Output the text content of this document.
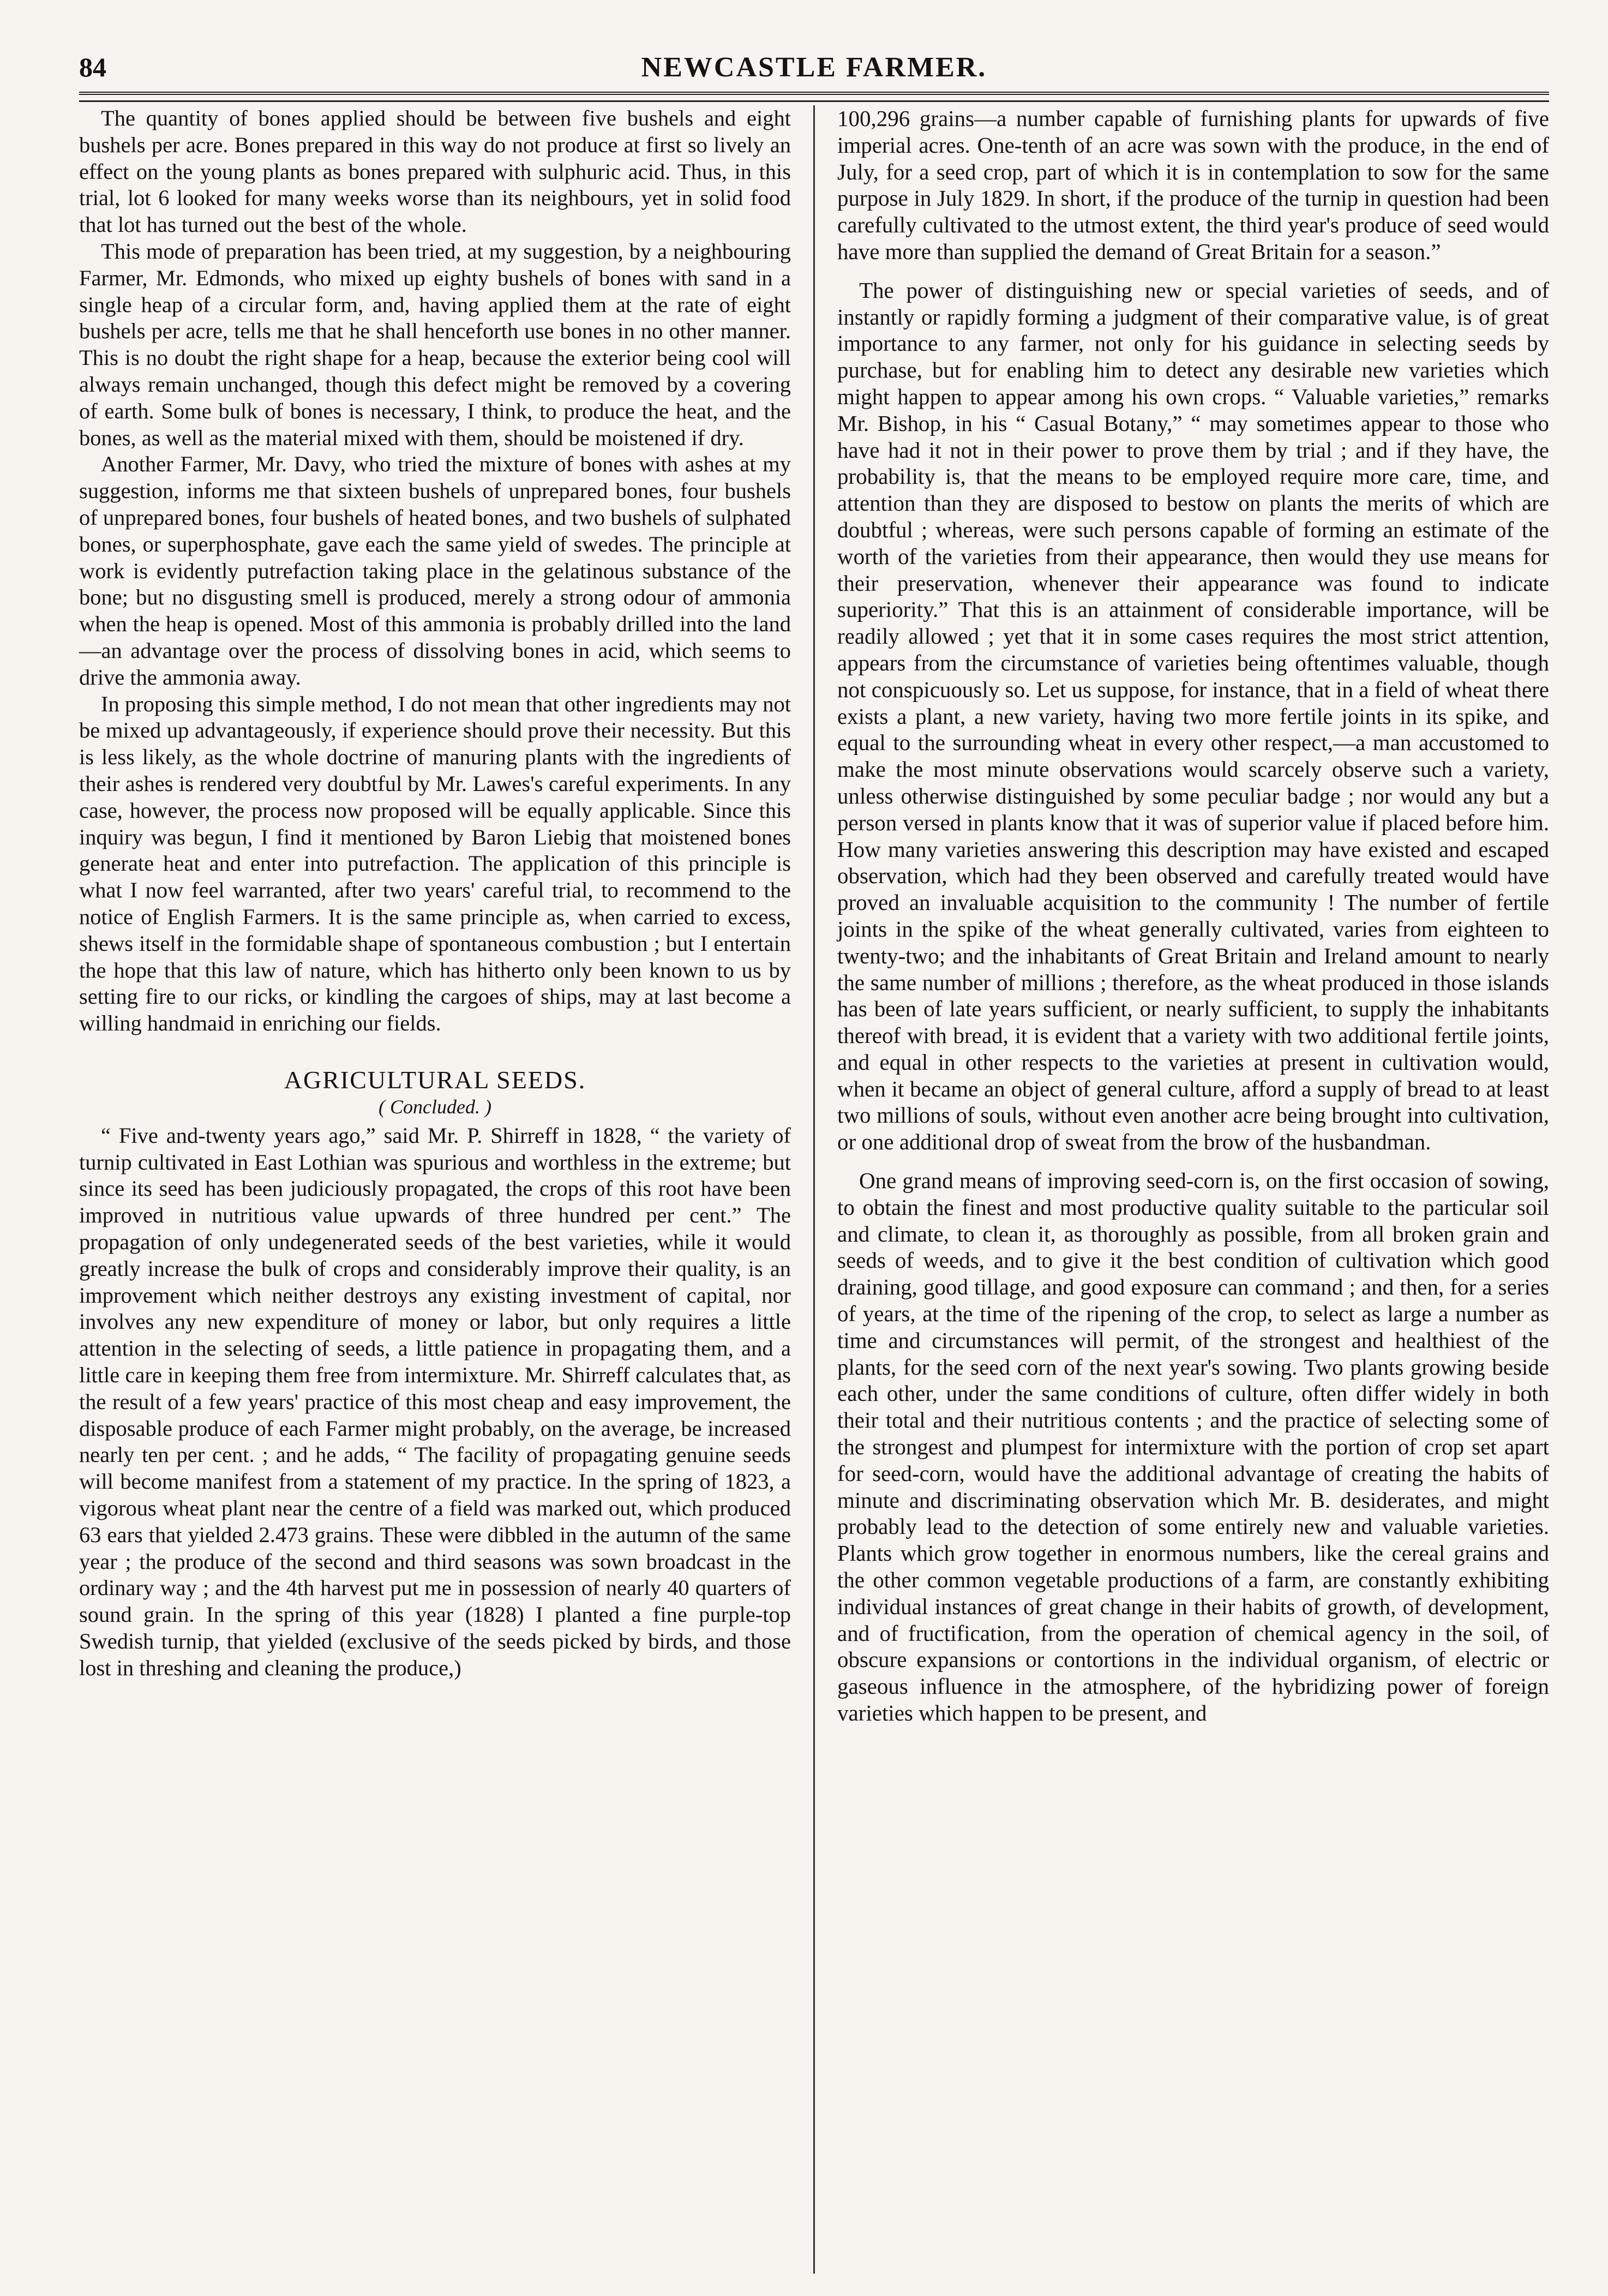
84	NEWCASTLE FARMER.

The quantity of bones applied should be between five bushels and eight bushels per acre. Bones prepared in this way do not produce at first so lively an effect on the young plants as bones prepared with sulphuric acid. Thus, in this trial, lot 6 looked for many weeks worse than its neighbours, yet in solid food that lot has turned out the best of the whole.

This mode of preparation has been tried, at my suggestion, by a neighbouring Farmer, Mr. Edmonds, who mixed up eighty bushels of bones with sand in a single heap of a circular form, and, having applied them at the rate of eight bushels per acre, tells me that he shall henceforth use bones in no other manner. This is no doubt the right shape for a heap, because the exterior being cool will always remain unchanged, though this defect might be removed by a covering of earth. Some bulk of bones is necessary, I think, to produce the heat, and the bones, as well as the material mixed with them, should be moistened if dry.

Another Farmer, Mr. Davy, who tried the mixture of bones with ashes at my suggestion, informs me that sixteen bushels of unprepared bones, four bushels of unprepared bones, four bushels of heated bones, and two bushels of sulphated bones, or superphosphate, gave each the same yield of swedes. The principle at work is evidently putrefaction taking place in the gelatinous substance of the bone; but no disgusting smell is produced, merely a strong odour of ammonia when the heap is opened. Most of this ammonia is probably drilled into the land—an advantage over the process of dissolving bones in acid, which seems to drive the ammonia away.

In proposing this simple method, I do not mean that other ingredients may not be mixed up advantageously, if experience should prove their necessity. But this is less likely, as the whole doctrine of manuring plants with the ingredients of their ashes is rendered very doubtful by Mr. Lawes's careful experiments. In any case, however, the process now proposed will be equally applicable. Since this inquiry was begun, I find it mentioned by Baron Liebig that moistened bones generate heat and enter into putrefaction. The application of this principle is what I now feel warranted, after two years' careful trial, to recommend to the notice of English Farmers. It is the same principle as, when carried to excess, shews itself in the formidable shape of spontaneous combustion ; but I entertain the hope that this law of nature, which has hitherto only been known to us by setting fire to our ricks, or kindling the cargoes of ships, may at last become a willing handmaid in enriching our fields.

AGRICULTURAL SEEDS.
( Concluded. )

“ Five and-twenty years ago,” said Mr. P. Shirreff in 1828, “ the variety of turnip cultivated in East Lothian was spurious and worthless in the extreme; but since its seed has been judiciously propagated, the crops of this root have been improved in nutritious value upwards of three hundred per cent.” The propagation of only undegenerated seeds of the best varieties, while it would greatly increase the bulk of crops and considerably improve their quality, is an improvement which neither destroys any existing investment of capital, nor involves any new expenditure of money or labor, but only requires a little attention in the selecting of seeds, a little patience in propagating them, and a little care in keeping them free from intermixture. Mr. Shirreff calculates that, as the result of a few years' practice of this most cheap and easy improvement, the disposable produce of each Farmer might probably, on the average, be increased nearly ten per cent. ; and he adds, “ The facility of propagating genuine seeds will become manifest from a statement of my practice. In the spring of 1823, a vigorous wheat plant near the centre of a field was marked out, which produced 63 ears that yielded 2.473 grains. These were dibbled in the autumn of the same year ; the produce of the second and third seasons was sown broadcast in the ordinary way ; and the 4th harvest put me in possession of nearly 40 quarters of sound grain. In the spring of this year (1828) I planted a fine purple-top Swedish turnip, that yielded (exclusive of the seeds picked by birds, and those lost in threshing and cleaning the produce,)

100,296 grains—a number capable of furnishing plants for upwards of five imperial acres. One-tenth of an acre was sown with the produce, in the end of July, for a seed crop, part of which it is in contemplation to sow for the same purpose in July 1829. In short, if the produce of the turnip in question had been carefully cultivated to the utmost extent, the third year's produce of seed would have more than supplied the demand of Great Britain for a season.”

The power of distinguishing new or special varieties of seeds, and of instantly or rapidly forming a judgment of their comparative value, is of great importance to any farmer, not only for his guidance in selecting seeds by purchase, but for enabling him to detect any desirable new varieties which might happen to appear among his own crops. “ Valuable varieties,” remarks Mr. Bishop, in his “ Casual Botany,” “ may sometimes appear to those who have had it not in their power to prove them by trial ; and if they have, the probability is, that the means to be employed require more care, time, and attention than they are disposed to bestow on plants the merits of which are doubtful ; whereas, were such persons capable of forming an estimate of the worth of the varieties from their appearance, then would they use means for their preservation, whenever their appearance was found to indicate superiority.” That this is an attainment of considerable importance, will be readily allowed ; yet that it in some cases requires the most strict attention, appears from the circumstance of varieties being oftentimes valuable, though not conspicuously so. Let us suppose, for instance, that in a field of wheat there exists a plant, a new variety, having two more fertile joints in its spike, and equal to the surrounding wheat in every other respect,—a man accustomed to make the most minute observations would scarcely observe such a variety, unless otherwise distinguished by some peculiar badge ; nor would any but a person versed in plants know that it was of superior value if placed before him. How many varieties answering this description may have existed and escaped observation, which had they been observed and carefully treated would have proved an invaluable acquisition to the community ! The number of fertile joints in the spike of the wheat generally cultivated, varies from eighteen to twenty-two; and the inhabitants of Great Britain and Ireland amount to nearly the same number of millions ; therefore, as the wheat produced in those islands has been of late years sufficient, or nearly sufficient, to supply the inhabitants thereof with bread, it is evident that a variety with two additional fertile joints, and equal in other respects to the varieties at present in cultivation would, when it became an object of general culture, afford a supply of bread to at least two millions of souls, without even another acre being brought into cultivation, or one additional drop of sweat from the brow of the husbandman.

One grand means of improving seed-corn is, on the first occasion of sowing, to obtain the finest and most productive quality suitable to the particular soil and climate, to clean it, as thoroughly as possible, from all broken grain and seeds of weeds, and to give it the best condition of cultivation which good draining, good tillage, and good exposure can command ; and then, for a series of years, at the time of the ripening of the crop, to select as large a number as time and circumstances will permit, of the strongest and healthiest of the plants, for the seed corn of the next year's sowing. Two plants growing beside each other, under the same conditions of culture, often differ widely in both their total and their nutritious contents ; and the practice of selecting some of the strongest and plumpest for intermixture with the portion of crop set apart for seed-corn, would have the additional advantage of creating the habits of minute and discriminating observation which Mr. B. desiderates, and might probably lead to the detection of some entirely new and valuable varieties. Plants which grow together in enormous numbers, like the cereal grains and the other common vegetable productions of a farm, are constantly exhibiting individual instances of great change in their habits of growth, of development, and of fructification, from the operation of chemical agency in the soil, of obscure expansions or contortions in the individual organism, of electric or gaseous influence in the atmosphere, of the hybridizing power of foreign varieties which happen to be present, and
